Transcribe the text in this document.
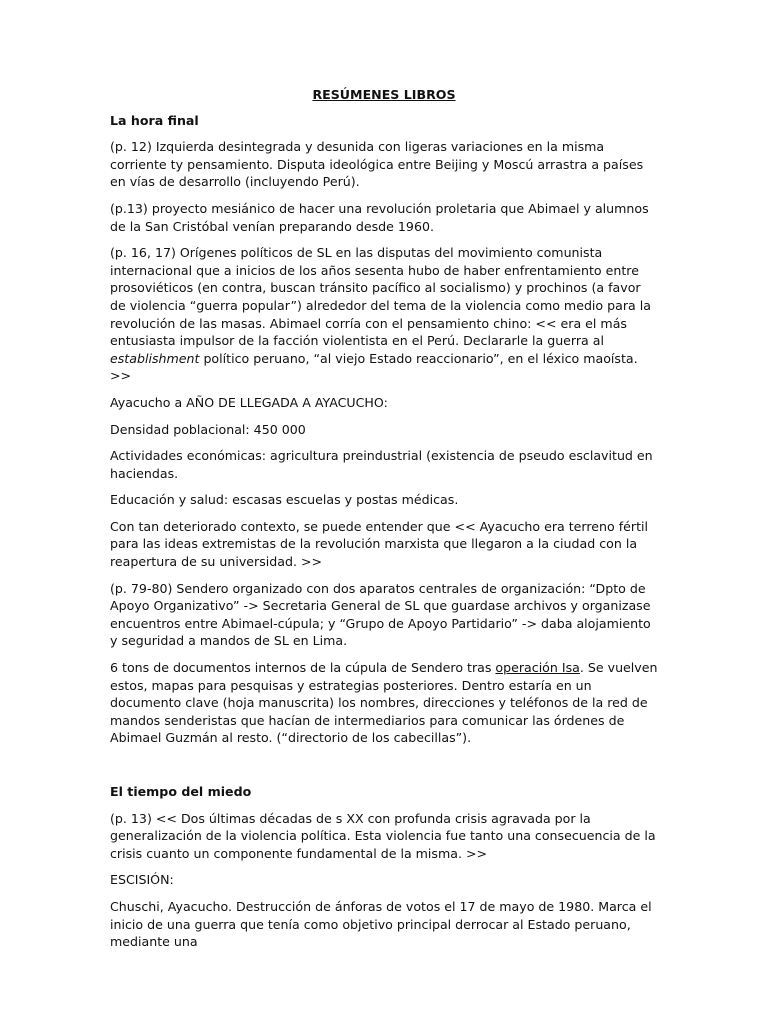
RESÚMENES LIBROS
La hora final

(p. 12) Izquierda desintegrada y desunida con ligeras variaciones en la misma corriente ty pensamiento. Disputa ideológica entre Beijing y Moscú arrastra a países en vías de desarrollo (incluyendo Perú).

(p.13) proyecto mesiánico de hacer una revolución proletaria que Abimael y alumnos de la San Cristóbal venían preparando desde 1960.

(p. 16, 17) Orígenes políticos de SL en las disputas del movimiento comunista internacional que a inicios de los años sesenta hubo de haber enfrentamiento entre prosoviéticos (en contra, buscan tránsito pacífico al socialismo) y prochinos (a favor de violencia “guerra popular”) alrededor del tema de la violencia como medio para la revolución de las masas. Abimael corría con el pensamiento chino: << era el más entusiasta impulsor de la facción violentista en el Perú. Declararle la guerra al establishment político peruano, “al viejo Estado reaccionario”, en el léxico maoísta. >>

Ayacucho a AÑO DE LLEGADA A AYACUCHO:

Densidad poblacional: 450 000

Actividades económicas: agricultura preindustrial (existencia de pseudo esclavitud en haciendas.

Educación y salud: escasas escuelas y postas médicas.

Con tan deteriorado contexto, se puede entender que << Ayacucho era terreno fértil para las ideas extremistas de la revolución marxista que llegaron a la ciudad con la reapertura de su universidad. >>

(p. 79-80) Sendero organizado con dos aparatos centrales de organización: “Dpto de Apoyo Organizativo” -> Secretaria General de SL que guardase archivos y organizase encuentros entre Abimael-cúpula; y “Grupo de Apoyo Partidario” -> daba alojamiento y seguridad a mandos de SL en Lima.

6 tons de documentos internos de la cúpula de Sendero tras operación Isa. Se vuelven estos, mapas para pesquisas y estrategias posteriores. Dentro estaría en un documento clave (hoja manuscrita) los nombres, direcciones y teléfonos de la red de mandos senderistas que hacían de intermediarios para comunicar las órdenes de Abimael Guzmán al resto. (“directorio de los cabecillas”).

El tiempo del miedo

(p. 13) << Dos últimas décadas de s XX con profunda crisis agravada por la generalización de la violencia política. Esta violencia fue tanto una consecuencia de la crisis cuanto un componente fundamental de la misma. >>

ESCISIÓN:

Chuschi, Ayacucho. Destrucción de ánforas de votos el 17 de mayo de 1980. Marca el inicio de una guerra que tenía como objetivo principal derrocar al Estado peruano, mediante una
